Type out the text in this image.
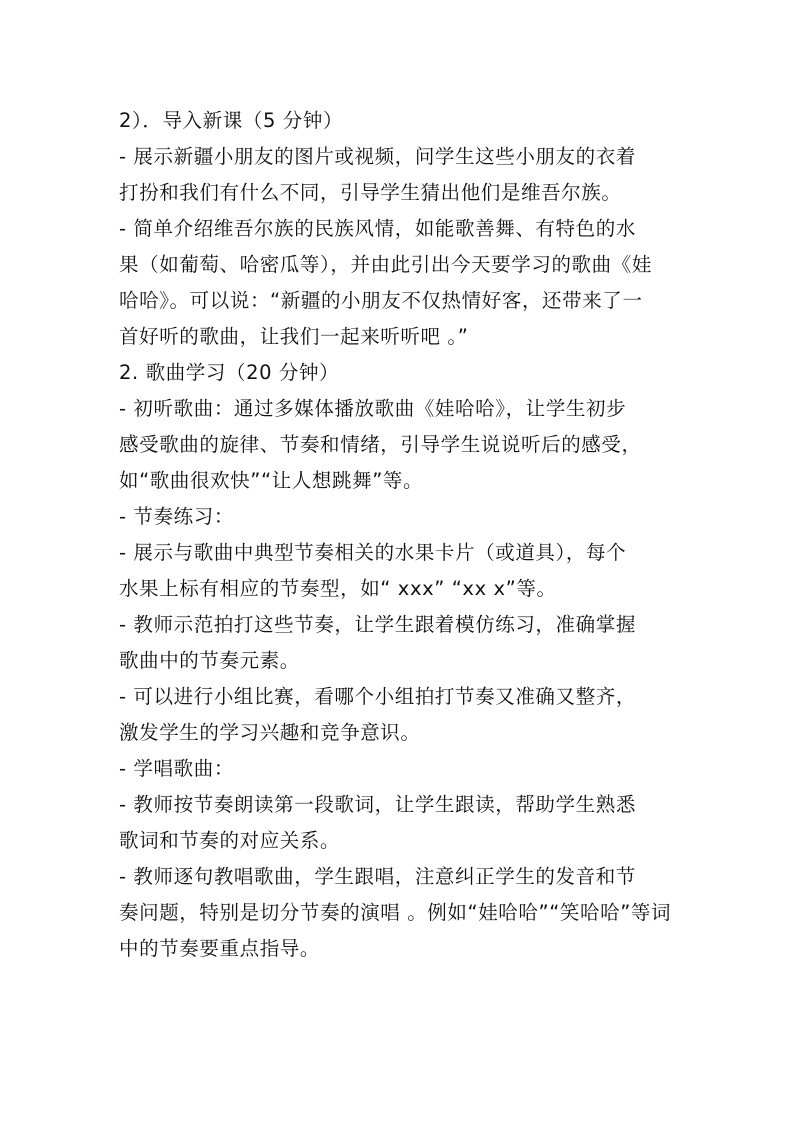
2）．导入新课（5 分钟）
- 展示新疆小朋友的图片或视频，问学生这些小朋友的衣着
打扮和我们有什么不同，引导学生猜出他们是维吾尔族。
- 简单介绍维吾尔族的民族风情，如能歌善舞、有特色的水
果（如葡萄、哈密瓜等），并由此引出今天要学习的歌曲《娃
哈哈》。可以说：“新疆的小朋友不仅热情好客，还带来了一
首好听的歌曲，让我们一起来听听吧 。”
2. 歌曲学习（20 分钟）
- 初听歌曲：通过多媒体播放歌曲《娃哈哈》，让学生初步
感受歌曲的旋律、节奏和情绪，引导学生说说听后的感受，
如“歌曲很欢快”“让人想跳舞”等。
- 节奏练习：
- 展示与歌曲中典型节奏相关的水果卡片（或道具），每个
水果上标有相应的节奏型，如“ xxx” “xx x”等。
- 教师示范拍打这些节奏，让学生跟着模仿练习，准确掌握
歌曲中的节奏元素。
- 可以进行小组比赛，看哪个小组拍打节奏又准确又整齐，
激发学生的学习兴趣和竞争意识。
- 学唱歌曲：
- 教师按节奏朗读第一段歌词，让学生跟读，帮助学生熟悉
歌词和节奏的对应关系。
- 教师逐句教唱歌曲，学生跟唱，注意纠正学生的发音和节
奏问题，特别是切分节奏的演唱 。例如“娃哈哈”“笑哈哈”等词
中的节奏要重点指导。
